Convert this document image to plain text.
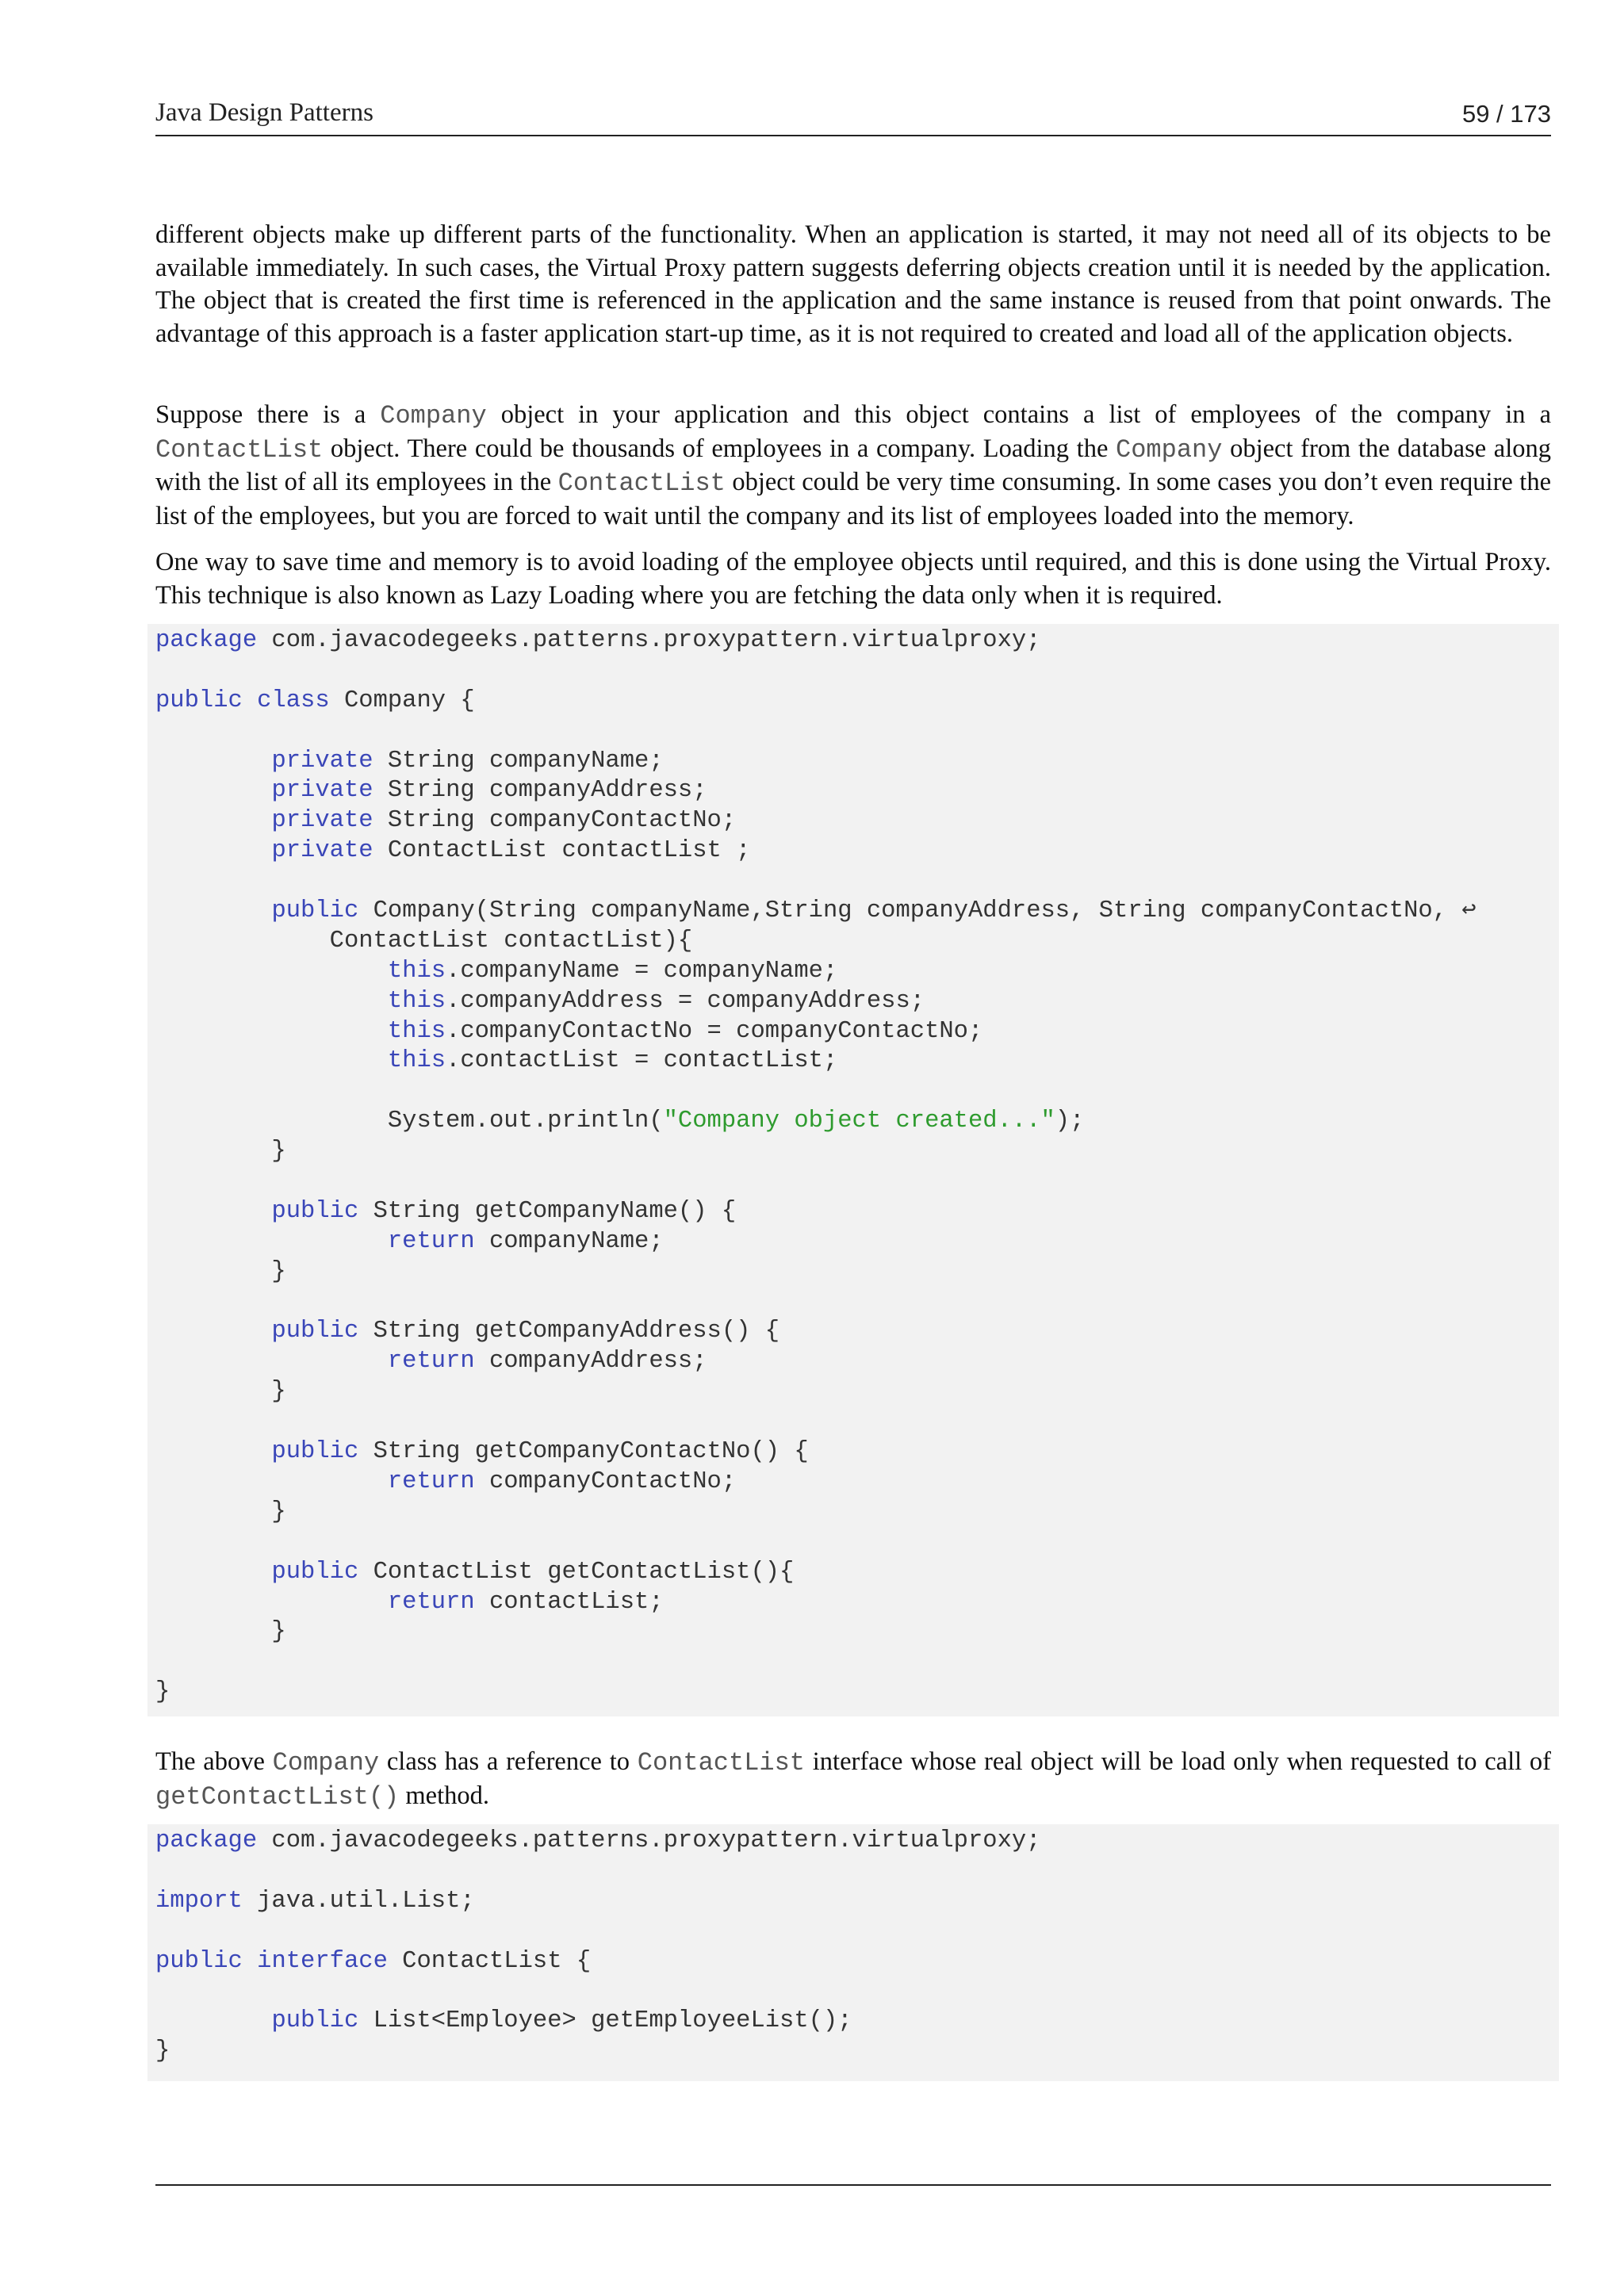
Java Design Patterns	59 / 173

different objects make up different parts of the functionality. When an application is started, it may not need all of its objects to be available immediately. In such cases, the Virtual Proxy pattern suggests deferring objects creation until it is needed by the application. The object that is created the first time is referenced in the application and the same instance is reused from that point onwards. The advantage of this approach is a faster application start-up time, as it is not required to created and load all of the application objects.

Suppose there is a Company object in your application and this object contains a list of employees of the company in a ContactList object. There could be thousands of employees in a company. Loading the Company object from the database along with the list of all its employees in the ContactList object could be very time consuming. In some cases you don’t even require the list of the employees, but you are forced to wait until the company and its list of employees loaded into the memory.

One way to save time and memory is to avoid loading of the employee objects until required, and this is done using the Virtual Proxy. This technique is also known as Lazy Loading where you are fetching the data only when it is required.

package com.javacodegeeks.patterns.proxypattern.virtualproxy;
public class Company {
private String companyName;
private String companyAddress;
private String companyContactNo;
private ContactList contactList ;
public Company(String companyName,String companyAddress, String companyContactNo, ↩
ContactList contactList){
this.companyName = companyName;
this.companyAddress = companyAddress;
this.companyContactNo = companyContactNo;
this.contactList = contactList;
System.out.println("Company object created...");
}
public String getCompanyName() {
return companyName;
}
public String getCompanyAddress() {
return companyAddress;
}
public String getCompanyContactNo() {
return companyContactNo;
}
public ContactList getContactList(){
return contactList;
}
}

The above Company class has a reference to ContactList interface whose real object will be load only when requested to call of getContactList() method.

package com.javacodegeeks.patterns.proxypattern.virtualproxy;
import java.util.List;
public interface ContactList {
public List<Employee> getEmployeeList();
}
